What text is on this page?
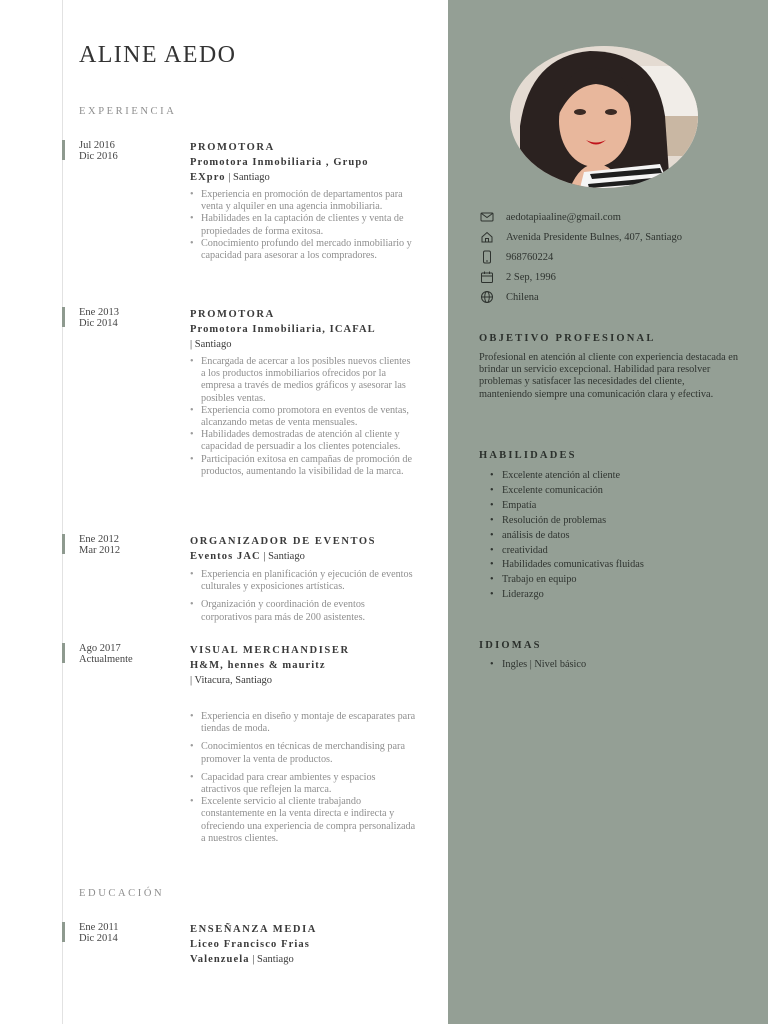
ALINE AEDO
EXPERIENCIA
Jul 2016
Dic 2016
PROMOTORA
Promotora Inmobiliaria , Grupo
EXpro | Santiago
• Experiencia en promoción de departamentos para venta y alquiler en una agencia inmobiliaria.
• Habilidades en la captación de clientes y venta de propiedades de forma exitosa.
• Conocimiento profundo del mercado inmobiliario y capacidad para asesorar a los compradores.
Ene 2013
Dic 2014
PROMOTORA
Promotora Inmobiliaria, ICAFAL
| Santiago
• Encargada de acercar a los posibles nuevos clientes a los productos inmobiliarios ofrecidos por la empresa a través de medios gráficos y asesorar las posibles ventas.
• Experiencia como promotora en eventos de ventas, alcanzando metas de venta mensuales.
• Habilidades demostradas de atención al cliente y capacidad de persuadir a los clientes potenciales.
• Participación exitosa en campañas de promoción de productos, aumentando la visibilidad de la marca.
Ene 2012
Mar 2012
ORGANIZADOR DE EVENTOS
Eventos JAC | Santiago
• Experiencia en planificación y ejecución de eventos culturales y exposiciones artísticas.
• Organización y coordinación de eventos corporativos para más de 200 asistentes.
Ago 2017
Actualmente
VISUAL MERCHANDISER
H&M, hennes & mauritz
| Vitacura, Santiago
• Experiencia en diseño y montaje de escaparates para tiendas de moda.
• Conocimientos en técnicas de merchandising para promover la venta de productos.
• Capacidad para crear ambientes y espacios atractivos que reflejen la marca.
• Excelente servicio al cliente trabajando constantemente en la venta directa e indirecta y ofreciendo una experiencia de compra personalizada a nuestros clientes.
EDUCACIÓN
Ene 2011
Dic 2014
ENSEÑANZA MEDIA
Liceo Francisco Frias
Valenzuela | Santiago
aedotapiaaline@gmail.com
Avenida Presidente Bulnes, 407, Santiago
968760224
2 Sep, 1996
Chilena
OBJETIVO PROFESIONAL
Profesional en atención al cliente con experiencia destacada en brindar un servicio excepcional. Habilidad para resolver problemas y satisfacer las necesidades del cliente, manteniendo siempre una comunicación clara y efectiva.
HABILIDADES
• Excelente atención al cliente
• Excelente comunicación
• Empatía
• Resolución de problemas
• análisis de datos
• creatividad
• Habilidades comunicativas fluidas
• Trabajo en equipo
• Liderazgo
IDIOMAS
• Ingles | Nivel básico
